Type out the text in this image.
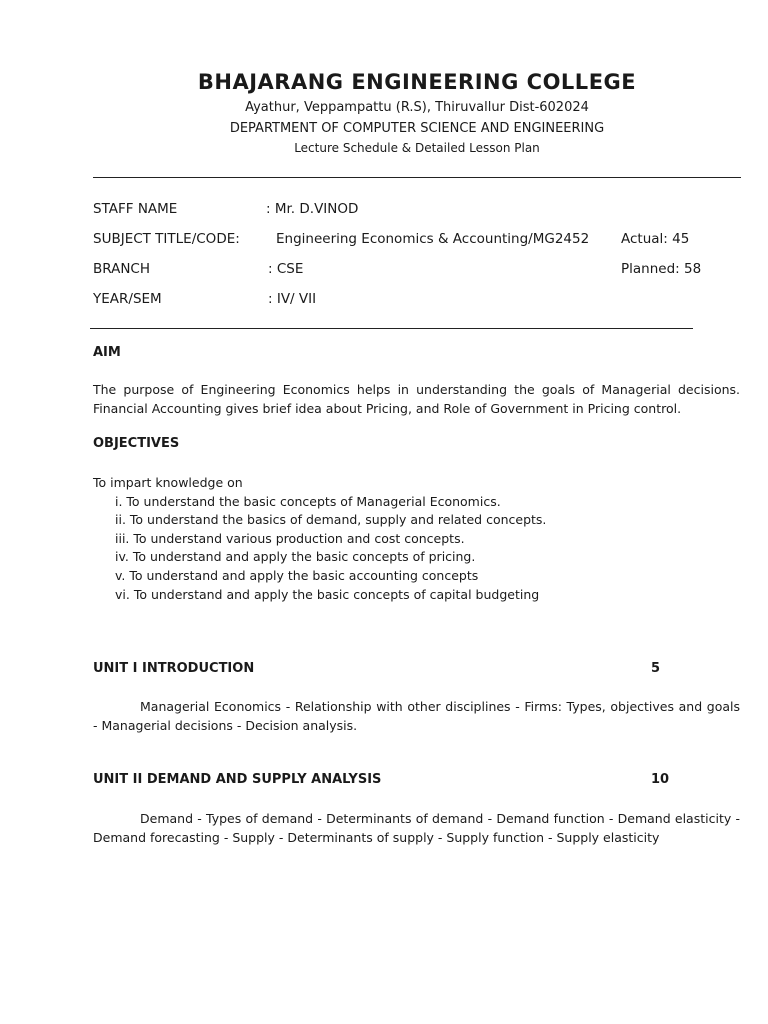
BHAJARANG ENGINEERING COLLEGE
Ayathur, Veppampattu (R.S), Thiruvallur Dist-602024
DEPARTMENT OF COMPUTER SCIENCE AND ENGINEERING
Lecture Schedule & Detailed Lesson Plan
STAFF NAME	: Mr. D.VINOD
SUBJECT TITLE/CODE:	Engineering Economics & Accounting/MG2452 Actual: 45
BRANCH	: CSE	Planned: 58
YEAR/SEM	: IV/ VII
AIM
The purpose of Engineering Economics helps in understanding the goals of Managerial decisions. Financial Accounting gives brief idea about Pricing, and Role of Government in Pricing control.
OBJECTIVES
To impart knowledge on
i. To understand the basic concepts of Managerial Economics.
ii. To understand the basics of demand, supply and related concepts.
iii. To understand various production and cost concepts.
iv. To understand and apply the basic concepts of pricing.
v. To understand and apply the basic accounting concepts
vi. To understand and apply the basic concepts of capital budgeting
UNIT I INTRODUCTION	5
Managerial Economics - Relationship with other disciplines - Firms: Types, objectives and goals - Managerial decisions - Decision analysis.
UNIT II DEMAND AND SUPPLY ANALYSIS	10
Demand - Types of demand - Determinants of demand - Demand function - Demand elasticity - Demand forecasting - Supply - Determinants of supply - Supply function - Supply elasticity
